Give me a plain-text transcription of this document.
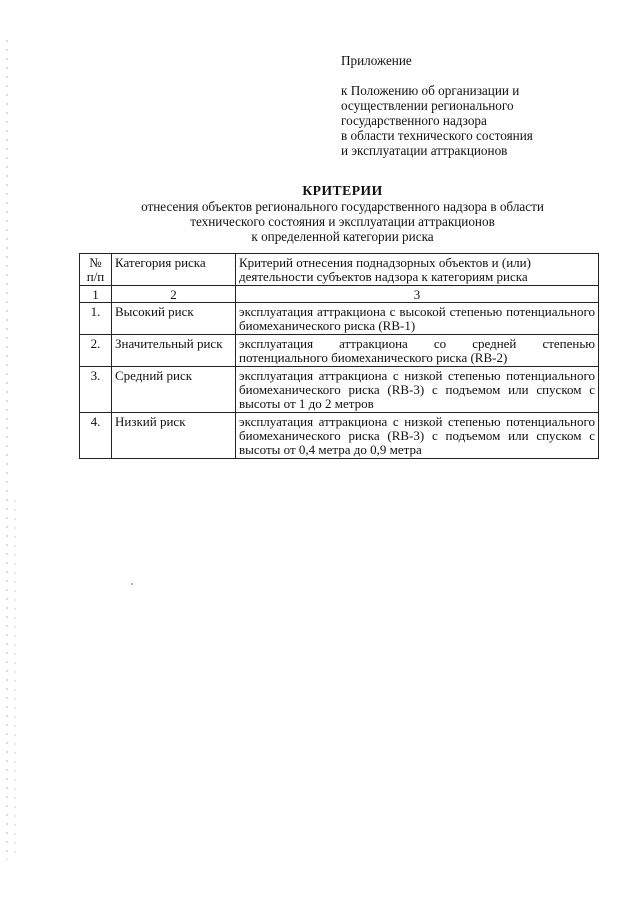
Приложение
к Положению об организации и
осуществлении регионального
государственного надзора
в области технического состояния
и эксплуатации аттракционов
КРИТЕРИИ
отнесения объектов регионального государственного надзора в области
технического состояния и эксплуатации аттракционов
к определенной категории риска
№ п/п	Категория риска	Критерий отнесения поднадзорных объектов и (или) деятельности субъектов надзора к категориям риска
1	2	3
1.	Высокий риск	эксплуатация аттракциона с высокой степенью потенциального биомеханического риска (RB-1)
2.	Значительный риск	эксплуатация аттракциона со средней степенью потенциального биомеханического риска (RB-2)
3.	Средний риск	эксплуатация аттракциона с низкой степенью потенциального биомеханического риска (RB-3) с подъемом или спуском с высоты от 1 до 2 метров
4.	Низкий риск	эксплуатация аттракциона с низкой степенью потенциального биомеханического риска (RB-3) с подъемом или спуском с высоты от 0,4 метра до 0,9 метра
